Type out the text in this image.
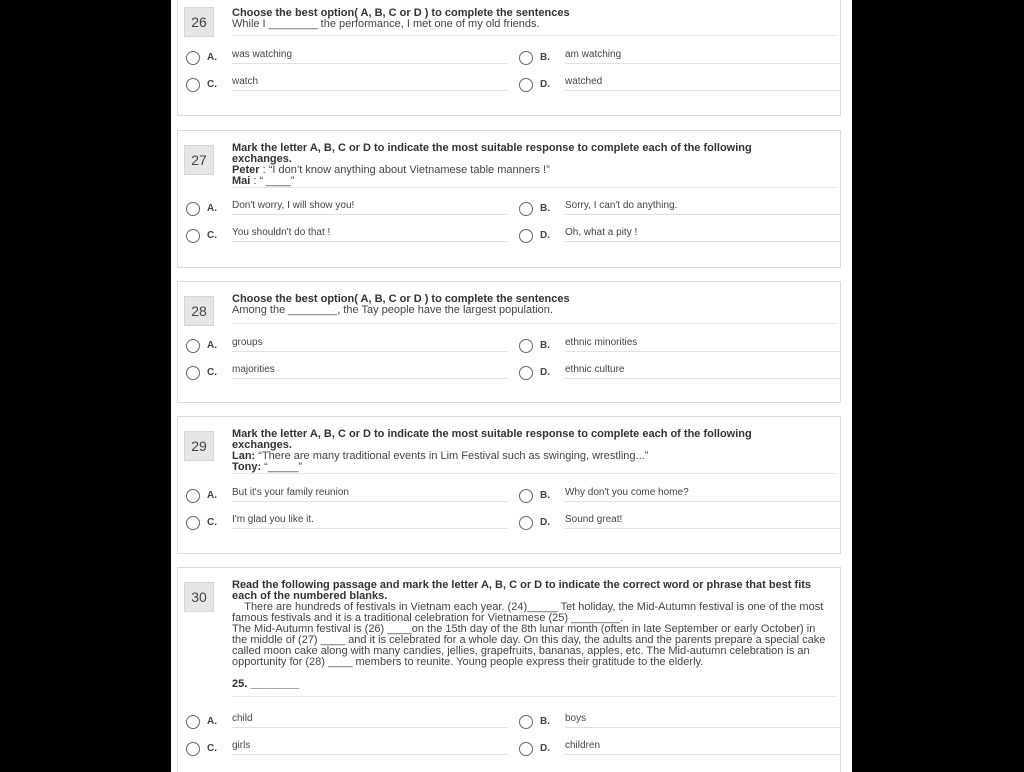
26
Choose the best option( A, B, C or D ) to complete the sentences
While I ________ the performance, I met one of my old friends.
A. was watching	B. am watching
C. watch	D. watched
27
Mark the letter A, B, C or D to indicate the most suitable response to complete each of the following exchanges.
Peter : “I don’t know anything about Vietnamese table manners !”
Mai : “ ____”
A. Don't worry, I will show you!	B. Sorry, I can't do anything.
C. You shouldn't do that !	D. Oh, what a pity !
28
Choose the best option( A, B, C or D ) to complete the sentences
Among the ________, the Tay people have the largest population.
A. groups	B. ethnic minorities
C. majorities	D. ethnic culture
29
Mark the letter A, B, C or D to indicate the most suitable response to complete each of the following exchanges.
Lan: “There are many traditional events in Lim Festival such as swinging, wrestling...”
Tony: “_____”
A. But it's your family reunion	B. Why don't you come home?
C. I'm glad you like it.	D. Sound great!
30
Read the following passage and mark the letter A, B, C or D to indicate the correct word or phrase that best fits each of the numbered blanks.
There are hundreds of festivals in Vietnam each year. (24)_____ Tet holiday, the Mid-Autumn festival is one of the most famous festivals and it is a traditional celebration for Vietnamese (25) ________.
The Mid-Autumn festival is (26) ____on the 15th day of the 8th lunar month (often in late September or early October) in the middle of (27) ____ and it is celebrated for a whole day. On this day, the adults and the parents prepare a special cake called moon cake along with many candies, jellies, grapefruits, bananas, apples, etc. The Mid-autumn celebration is an opportunity for (28) ____ members to reunite. Young people express their gratitude to the elderly.
25. ________
A. child	B. boys
C. girls	D. children
